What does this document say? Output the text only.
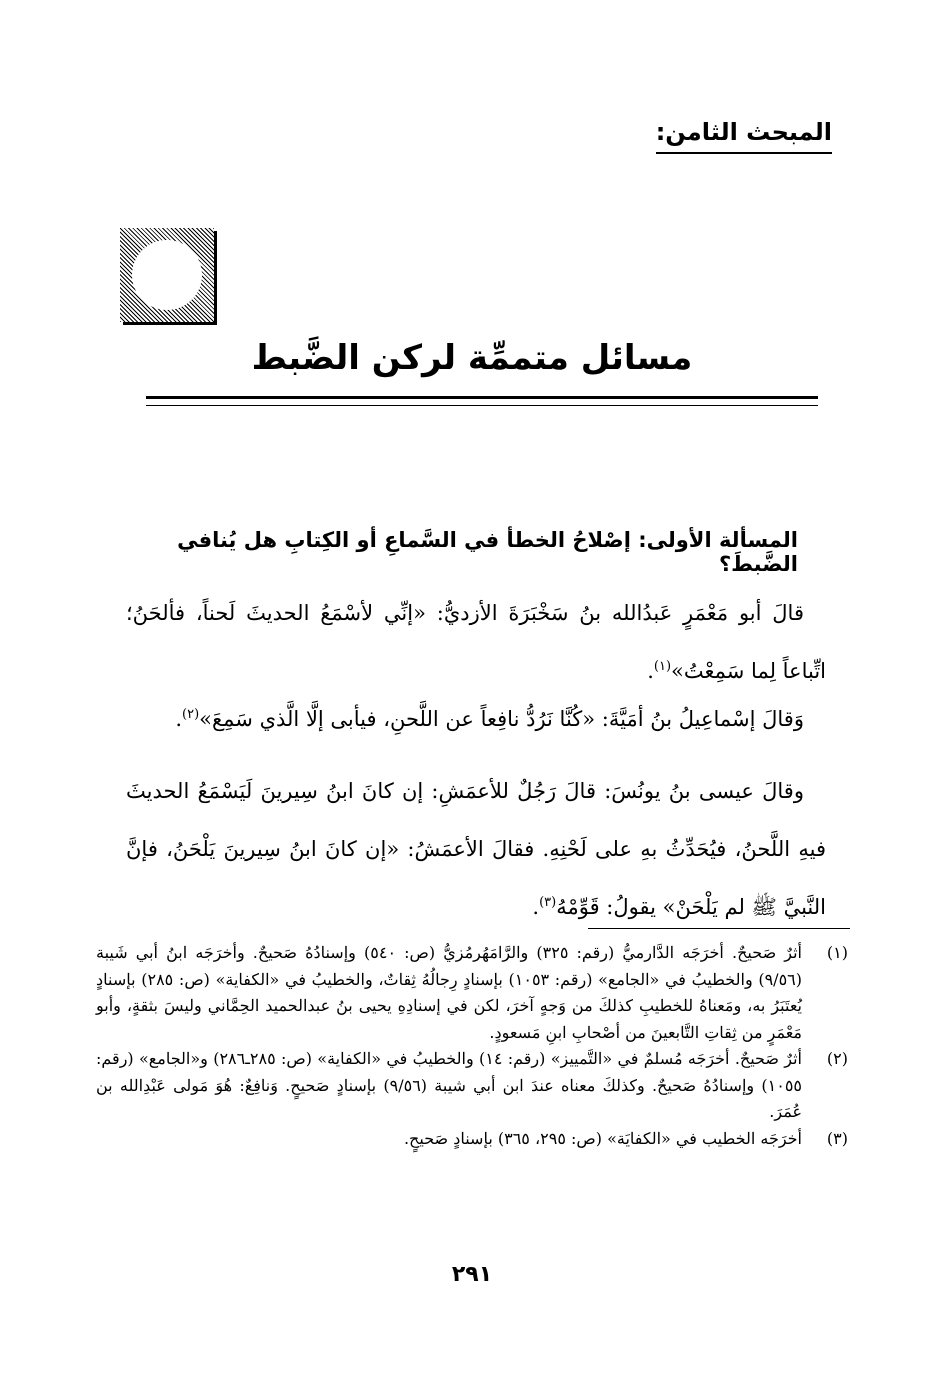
المبحث الثامن:
مسائل متممِّة لركن الضَّبط
المسألة الأولى: إصْلاحُ الخطأ في السَّماعِ أو الكِتابِ هل يُنافي الضَّبطَ؟
قالَ أبو مَعْمَرٍ عَبدُالله بنُ سَخْبَرَةَ الأزديُّ: «إنِّي لأسْمَعُ الحديثَ لَحناً، فألحَنُ؛ اتِّباعاً لِما سَمِعْتُ»$^{(١)}$.
وَقالَ إسْماعِيلُ بنُ أمَيَّةَ: «كُنَّا نَرُدُّ نافِعاً عن اللَّحنِ، فيأبى إلَّا الَّذي سَمِعَ»$^{(٢)}$.
وقالَ عيسى بنُ يونُسَ: قالَ رَجُلٌ للأعمَشِ: إن كانَ ابنُ سِيرينَ لَيَسْمَعُ الحديثَ فيهِ اللَّحنُ، فيُحَدِّثُ بهِ على لَحْنِهِ. فقالَ الأعمَشُ: «إن كانَ ابنُ سِيرينَ يَلْحَنُ، فإنَّ النَّبيَّ ﷺ لم يَلْحَنْ» يقولُ: قَوِّمْهُ$^{(٣)}$.
(١)
أثرٌ صَحيحٌ. أخرَجَه الدَّارميُّ (رقم: ٣٢٥) والرَّامَهُرمُزيُّ (ص: ٥٤٠) وإسنادُهُ صَحيحٌ. وأخرَجَه ابنُ أبي شَيبة (٩/٥٦) والخطيبُ في «الجامع» (رقم: ١٠٥٣) بإسنادٍ رِجالُهُ ثِقاتٌ، والخطيبُ في «الكفاية» (ص: ٢٨٥) بإسنادٍ يُعتَبَرُ به، ومَعناهُ للخطيبِ كذلكَ من وَجهٍ آخرَ، لكن في إسنادِهِ يحيى بنُ عبدالحميد الحِمَّاني وليسَ بثقةٍ، وأبو مَعْمَرٍ من ثِقاتِ التَّابعينَ من أصْحابِ ابنِ مَسعودٍ.
(٢)
أثرٌ صَحيحٌ. أخرَجَه مُسلمٌ في «التَّمييز» (رقم: ١٤) والخطيبُ في «الكفاية» (ص: ٢٨٥ـ٢٨٦) و«الجامع» (رقم: ١٠٥٥) وإسنادُهُ صَحيحٌ. وكذلكَ معناه عندَ ابن أبي شيبة (٩/٥٦) بإسنادٍ صَحيحٍ. وَنافِعٌ: هُوَ مَولى عَبْدِالله بن عُمَرَ.
(٣)
أخرَجَه الخطيب في «الكفايَة» (ص: ٢٩٥، ٣٦٥) بإسنادٍ صَحيحٍ.
٢٩١
